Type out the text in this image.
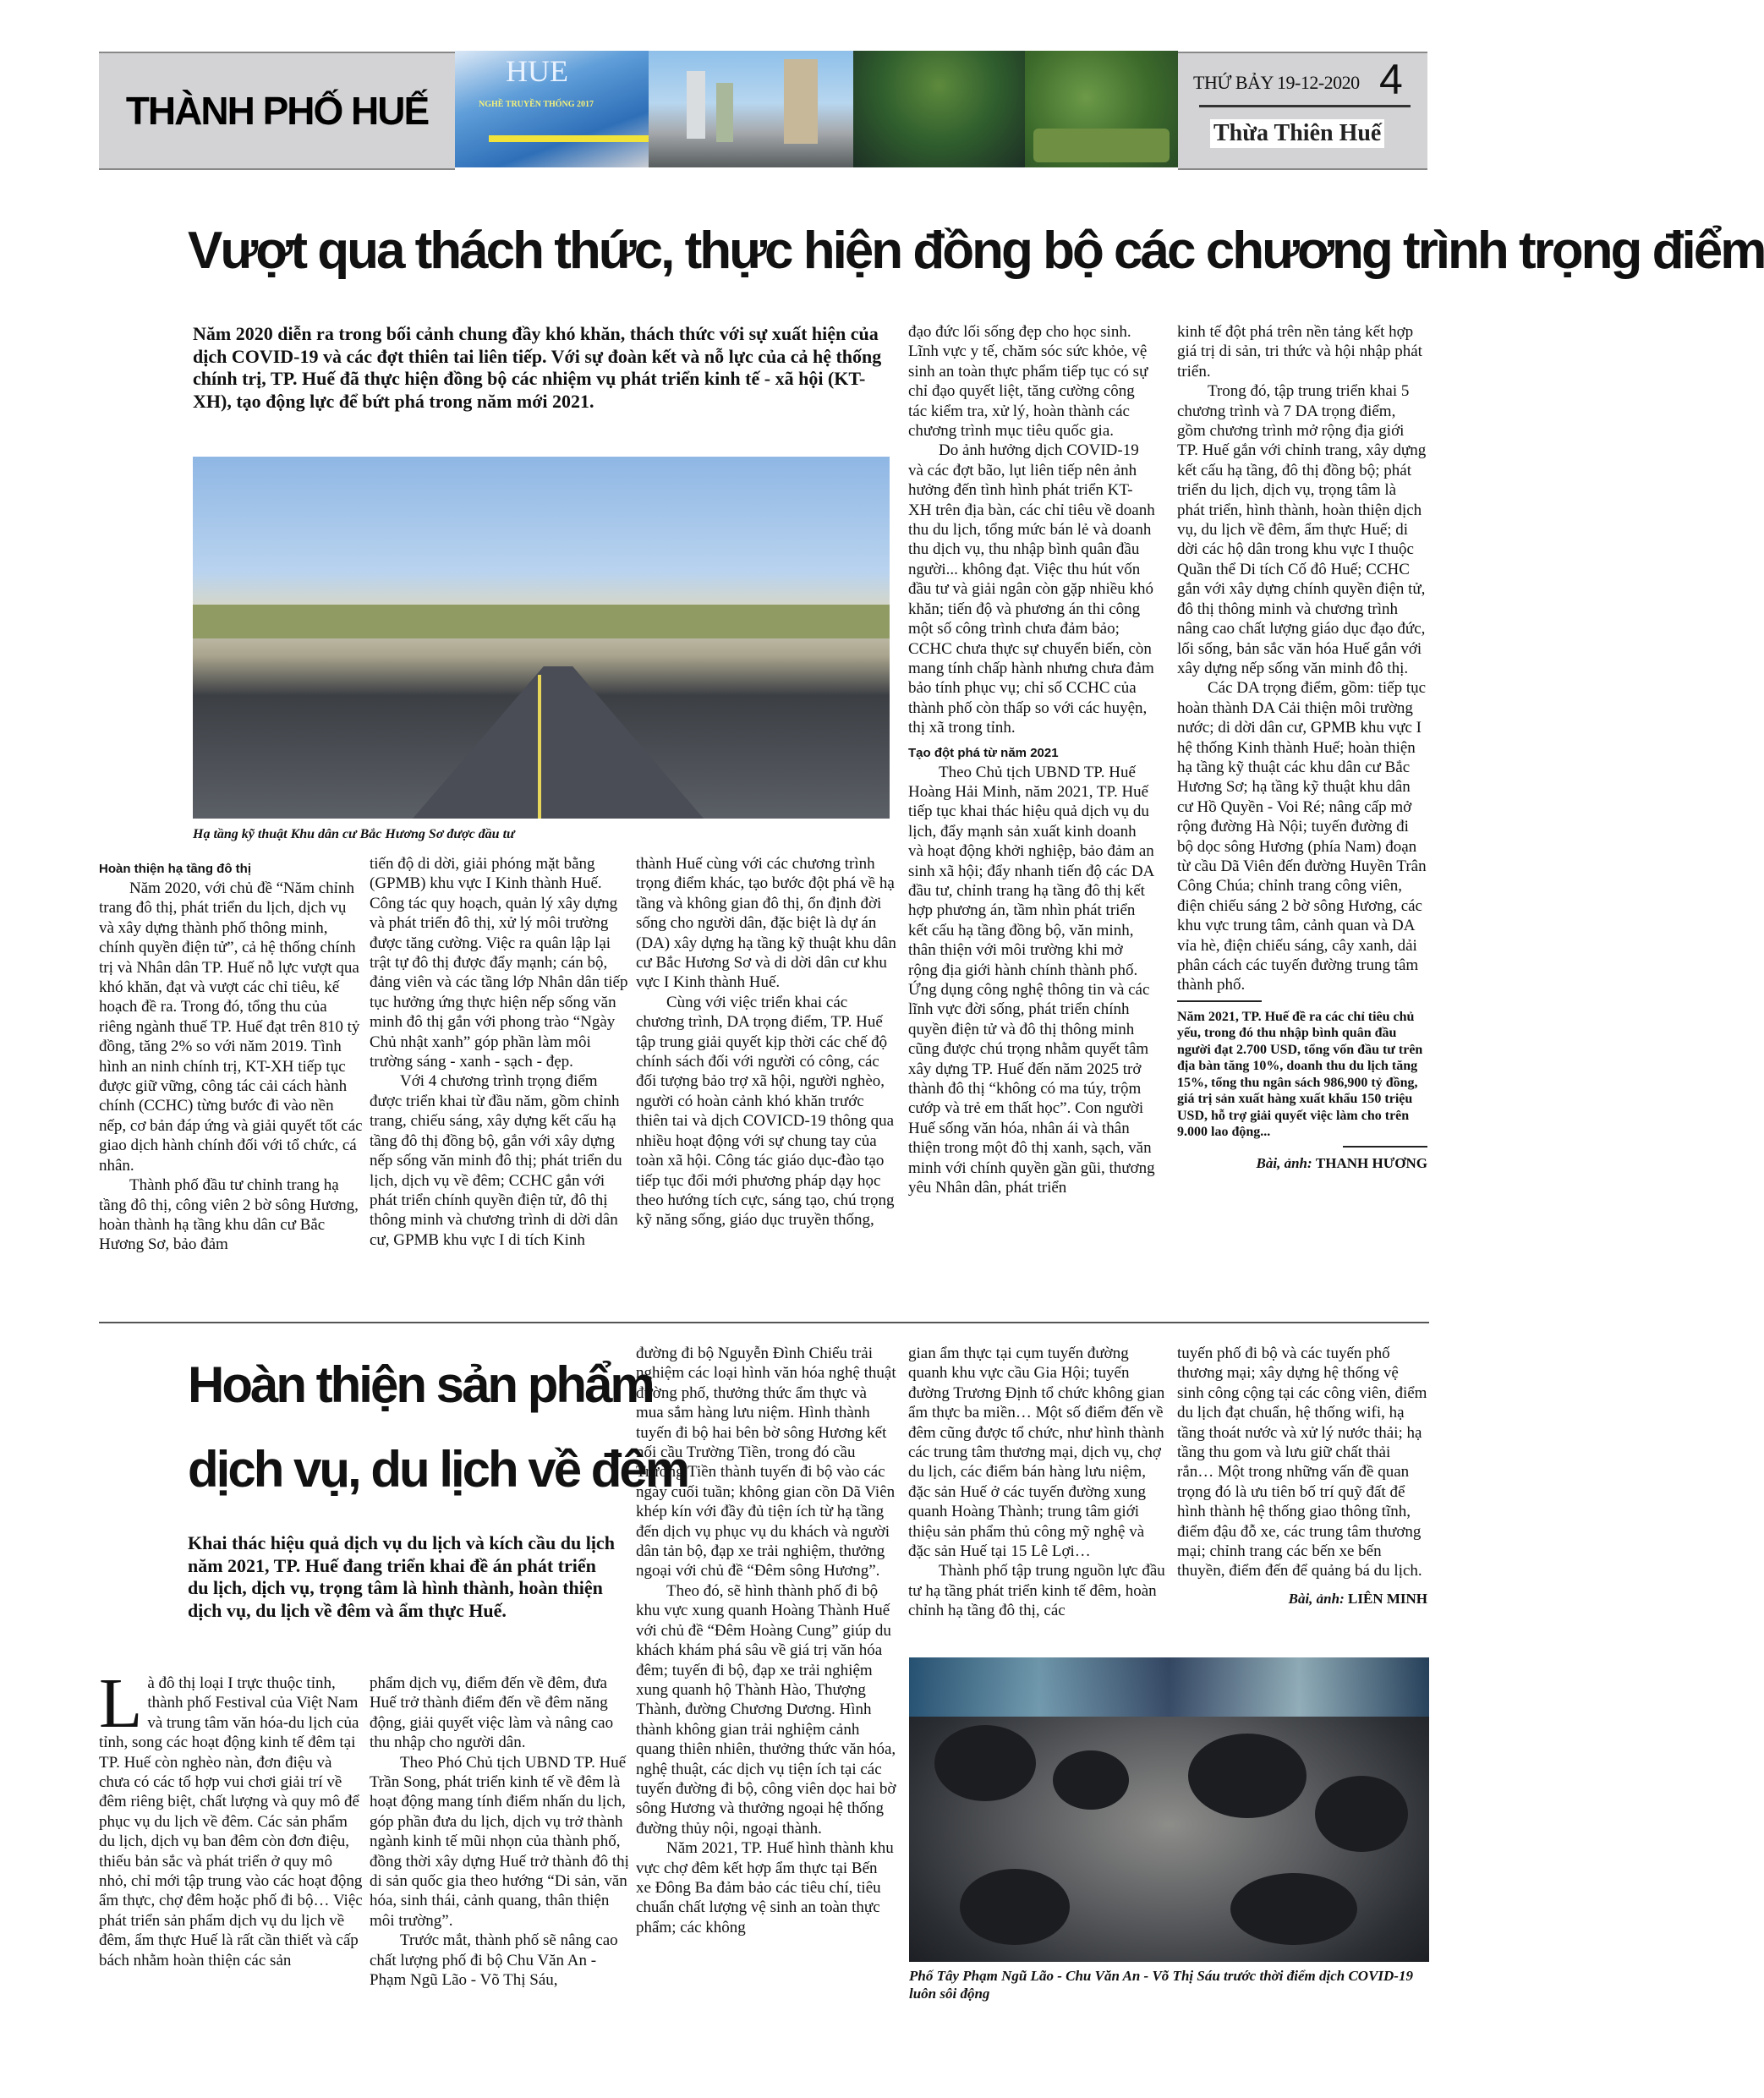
THÀNH PHỐ HUẾ
HUE
NGHỀ TRUYỀN THỐNG 2017
THỨ BẢY 19-12-2020 4
Thừa Thiên Huế
Vượt qua thách thức, thực hiện đồng bộ các chương trình trọng điểm
Năm 2020 diễn ra trong bối cảnh chung đầy khó khăn, thách thức với sự xuất hiện của dịch COVID-19 và các đợt thiên tai liên tiếp. Với sự đoàn kết và nỗ lực của cả hệ thống chính trị, TP. Huế đã thực hiện đồng bộ các nhiệm vụ phát triển kinh tế - xã hội (KT-XH), tạo động lực để bứt phá trong năm mới 2021.
Hạ tầng kỹ thuật Khu dân cư Bắc Hương Sơ được đầu tư
Hoàn thiện hạ tầng đô thị

Năm 2020, với chủ đề “Năm chỉnh trang đô thị, phát triển du lịch, dịch vụ và xây dựng thành phố thông minh, chính quyền điện tử”, cả hệ thống chính trị và Nhân dân TP. Huế nỗ lực vượt qua khó khăn, đạt và vượt các chỉ tiêu, kế hoạch đề ra. Trong đó, tổng thu của riêng ngành thuế TP. Huế đạt trên 810 tỷ đồng, tăng 2% so với năm 2019. Tình hình an ninh chính trị, KT-XH tiếp tục được giữ vững, công tác cải cách hành chính (CCHC) từng bước đi vào nền nếp, cơ bản đáp ứng và giải quyết tốt các giao dịch hành chính đối với tổ chức, cá nhân.

Thành phố đầu tư chỉnh trang hạ tầng đô thị, công viên 2 bờ sông Hương, hoàn thành hạ tầng khu dân cư Bắc Hương Sơ, bảo đảm

tiến độ di dời, giải phóng mặt bằng (GPMB) khu vực I Kinh thành Huế. Công tác quy hoạch, quản lý xây dựng và phát triển đô thị, xử lý môi trường được tăng cường. Việc ra quân lập lại trật tự đô thị được đẩy mạnh; cán bộ, đảng viên và các tầng lớp Nhân dân tiếp tục hưởng ứng thực hiện nếp sống văn minh đô thị gắn với phong trào “Ngày Chủ nhật xanh” góp phần làm môi trường sáng - xanh - sạch - đẹp.

Với 4 chương trình trọng điểm được triển khai từ đầu năm, gồm chỉnh trang, chiếu sáng, xây dựng kết cấu hạ tầng đô thị đồng bộ, gắn với xây dựng nếp sống văn minh đô thị; phát triển du lịch, dịch vụ về đêm; CCHC gắn với phát triển chính quyền điện tử, đô thị thông minh và chương trình di dời dân cư, GPMB khu vực I di tích Kinh

thành Huế cùng với các chương trình trọng điểm khác, tạo bước đột phá về hạ tầng và không gian đô thị, ổn định đời sống cho người dân, đặc biệt là dự án (DA) xây dựng hạ tầng kỹ thuật khu dân cư Bắc Hương Sơ và di dời dân cư khu vực I Kinh thành Huế.

Cùng với việc triển khai các chương trình, DA trọng điểm, TP. Huế tập trung giải quyết kịp thời các chế độ chính sách đối với người có công, các đối tượng bảo trợ xã hội, người nghèo, người có hoàn cảnh khó khăn trước thiên tai và dịch COVICD-19 thông qua nhiều hoạt động với sự chung tay của toàn xã hội. Công tác giáo dục-đào tạo tiếp tục đổi mới phương pháp dạy học theo hướng tích cực, sáng tạo, chú trọng kỹ năng sống, giáo dục truyền thống,

đạo đức lối sống đẹp cho học sinh. Lĩnh vực y tế, chăm sóc sức khỏe, vệ sinh an toàn thực phẩm tiếp tục có sự chỉ đạo quyết liệt, tăng cường công tác kiểm tra, xử lý, hoàn thành các chương trình mục tiêu quốc gia.

Do ảnh hưởng dịch COVID-19 và các đợt bão, lụt liên tiếp nên ảnh hưởng đến tình hình phát triển KT-XH trên địa bàn, các chỉ tiêu về doanh thu du lịch, tổng mức bán lẻ và doanh thu dịch vụ, thu nhập bình quân đầu người... không đạt. Việc thu hút vốn đầu tư và giải ngân còn gặp nhiều khó khăn; tiến độ và phương án thi công một số công trình chưa đảm bảo; CCHC chưa thực sự chuyển biến, còn mang tính chấp hành nhưng chưa đảm bảo tính phục vụ; chỉ số CCHC của thành phố còn thấp so với các huyện, thị xã trong tỉnh.

Tạo đột phá từ năm 2021

Theo Chủ tịch UBND TP. Huế Hoàng Hải Minh, năm 2021, TP. Huế tiếp tục khai thác hiệu quả dịch vụ du lịch, đẩy mạnh sản xuất kinh doanh và hoạt động khởi nghiệp, bảo đảm an sinh xã hội; đẩy nhanh tiến độ các DA đầu tư, chỉnh trang hạ tầng đô thị kết hợp phương án, tầm nhìn phát triển kết cấu hạ tầng đồng bộ, văn minh, thân thiện với môi trường khi mở rộng địa giới hành chính thành phố. Ứng dụng công nghệ thông tin và các lĩnh vực đời sống, phát triển chính quyền điện tử và đô thị thông minh cũng được chú trọng nhằm quyết tâm xây dựng TP. Huế đến năm 2025 trở thành đô thị “không có ma túy, trộm cướp và trẻ em thất học”. Con người Huế sống văn hóa, nhân ái và thân thiện trong một đô thị xanh, sạch, văn minh với chính quyền gần gũi, thương yêu Nhân dân, phát triển

kinh tế đột phá trên nền tảng kết hợp giá trị di sản, tri thức và hội nhập phát triển.

Trong đó, tập trung triển khai 5 chương trình và 7 DA trọng điểm, gồm chương trình mở rộng địa giới TP. Huế gắn với chỉnh trang, xây dựng kết cấu hạ tầng, đô thị đồng bộ; phát triển du lịch, dịch vụ, trọng tâm là phát triển, hình thành, hoàn thiện dịch vụ, du lịch về đêm, ẩm thực Huế; di dời các hộ dân trong khu vực I thuộc Quần thể Di tích Cố đô Huế; CCHC gắn với xây dựng chính quyền điện tử, đô thị thông minh và chương trình nâng cao chất lượng giáo dục đạo đức, lối sống, bản sắc văn hóa Huế gắn với xây dựng nếp sống văn minh đô thị.

Các DA trọng điểm, gồm: tiếp tục hoàn thành DA Cải thiện môi trường nước; di dời dân cư, GPMB khu vực I hệ thống Kinh thành Huế; hoàn thiện hạ tầng kỹ thuật các khu dân cư Bắc Hương Sơ; hạ tầng kỹ thuật khu dân cư Hồ Quyền - Voi Ré; nâng cấp mở rộng đường Hà Nội; tuyến đường đi bộ dọc sông Hương (phía Nam) đoạn từ cầu Dã Viên đến đường Huyền Trân Công Chúa; chỉnh trang công viên, điện chiếu sáng 2 bờ sông Hương, các khu vực trung tâm, cảnh quan và DA vỉa hè, điện chiếu sáng, cây xanh, dải phân cách các tuyến đường trung tâm thành phố.

Năm 2021, TP. Huế đề ra các chỉ tiêu chủ yếu, trong đó thu nhập bình quân đầu người đạt 2.700 USD, tổng vốn đầu tư trên địa bàn tăng 10%, doanh thu du lịch tăng 15%, tổng thu ngân sách 986,900 tỷ đồng, giá trị sản xuất hàng xuất khẩu 150 triệu USD, hỗ trợ giải quyết việc làm cho trên 9.000 lao động...
Bài, ảnh: THANH HƯƠNG
Hoàn thiện sản phẩm
dịch vụ, du lịch về đêm
Khai thác hiệu quả dịch vụ du lịch và kích cầu du lịch năm 2021, TP. Huế đang triển khai đề án phát triển du lịch, dịch vụ, trọng tâm là hình thành, hoàn thiện dịch vụ, du lịch về đêm và ẩm thực Huế.

Là đô thị loại I trực thuộc tỉnh, thành phố Festival của Việt Nam và trung tâm văn hóa-du lịch của tỉnh, song các hoạt động kinh tế đêm tại TP. Huế còn nghèo nàn, đơn điệu và chưa có các tổ hợp vui chơi giải trí về đêm riêng biệt, chất lượng và quy mô để phục vụ du lịch về đêm. Các sản phẩm du lịch, dịch vụ ban đêm còn đơn điệu, thiếu bản sắc và phát triển ở quy mô nhỏ, chỉ mới tập trung vào các hoạt động ẩm thực, chợ đêm hoặc phố đi bộ… Việc phát triển sản phẩm dịch vụ du lịch về đêm, ẩm thực Huế là rất cần thiết và cấp bách nhằm hoàn thiện các sản

phẩm dịch vụ, điểm đến về đêm, đưa Huế trở thành điểm đến về đêm năng động, giải quyết việc làm và nâng cao thu nhập cho người dân.

Theo Phó Chủ tịch UBND TP. Huế Trần Song, phát triển kinh tế về đêm là hoạt động mang tính điểm nhấn du lịch, góp phần đưa du lịch, dịch vụ trở thành ngành kinh tế mũi nhọn của thành phố, đồng thời xây dựng Huế trở thành đô thị di sản quốc gia theo hướng “Di sản, văn hóa, sinh thái, cảnh quang, thân thiện môi trường”.

Trước mắt, thành phố sẽ nâng cao chất lượng phố đi bộ Chu Văn An - Phạm Ngũ Lão - Võ Thị Sáu,

đường đi bộ Nguyễn Đình Chiểu trải nghiệm các loại hình văn hóa nghệ thuật đường phố, thưởng thức ẩm thực và mua sắm hàng lưu niệm. Hình thành tuyến đi bộ hai bên bờ sông Hương kết nối cầu Trường Tiền, trong đó cầu Trường Tiền thành tuyến đi bộ vào các ngày cuối tuần; không gian cồn Dã Viên khép kín với đầy đủ tiện ích từ hạ tầng đến dịch vụ phục vụ du khách và người dân tản bộ, đạp xe trải nghiệm, thưởng ngoại với chủ đề “Đêm sông Hương”.

Theo đó, sẽ hình thành phố đi bộ khu vực xung quanh Hoàng Thành Huế với chủ đề “Đêm Hoàng Cung” giúp du khách khám phá sâu về giá trị văn hóa đêm; tuyến đi bộ, đạp xe trải nghiệm xung quanh hộ Thành Hào, Thượng Thành, đường Chương Dương. Hình thành không gian trải nghiệm cảnh quang thiên nhiên, thưởng thức văn hóa, nghệ thuật, các dịch vụ tiện ích tại các tuyến đường đi bộ, công viên dọc hai bờ sông Hương và thưởng ngoại hệ thống đường thủy nội, ngoại thành.

Năm 2021, TP. Huế hình thành khu vực chợ đêm kết hợp ẩm thực tại Bến xe Đông Ba đảm bảo các tiêu chí, tiêu chuẩn chất lượng vệ sinh an toàn thực phẩm; các không

gian ẩm thực tại cụm tuyến đường quanh khu vực cầu Gia Hội; tuyến đường Trương Định tổ chức không gian ẩm thực ba miền… Một số điểm đến về đêm cũng được tổ chức, như hình thành các trung tâm thương mại, dịch vụ, chợ du lịch, các điểm bán hàng lưu niệm, đặc sản Huế ở các tuyến đường xung quanh Hoàng Thành; trung tâm giới thiệu sản phẩm thủ công mỹ nghệ và đặc sản Huế tại 15 Lê Lợi…

Thành phố tập trung nguồn lực đầu tư hạ tầng phát triển kinh tế đêm, hoàn chỉnh hạ tầng đô thị, các

tuyến phố đi bộ và các tuyến phố thương mại; xây dựng hệ thống vệ sinh công cộng tại các công viên, điểm du lịch đạt chuẩn, hệ thống wifi, hạ tầng thoát nước và xử lý nước thải; hạ tầng thu gom và lưu giữ chất thải rắn… Một trong những vấn đề quan trọng đó là ưu tiên bố trí quỹ đất để hình thành hệ thống giao thông tĩnh, điểm đậu đỗ xe, các trung tâm thương mại; chỉnh trang các bến xe bến thuyền, điểm đến để quảng bá du lịch.

Bài, ảnh: LIÊN MINH
Phố Tây Phạm Ngũ Lão - Chu Văn An - Võ Thị Sáu trước thời điểm dịch COVID-19 luôn sôi động
